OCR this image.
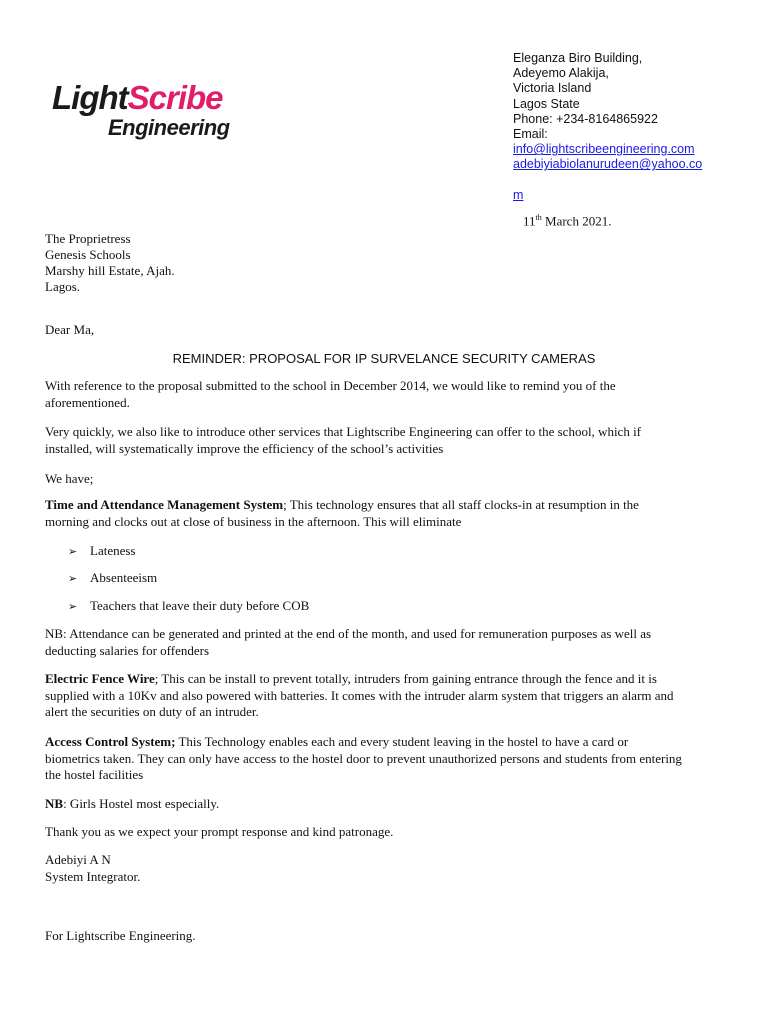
LightScribe
Engineering
Eleganza Biro Building,
Adeyemo Alakija,
Victoria Island
Lagos State
Phone: +234-8164865922
Email:
info@lightscribeengineering.com
adebiyiabiolanurudeen@yahoo.co
m
11th March 2021.
The Proprietress
Genesis Schools
Marshy hill Estate, Ajah.
Lagos.
Dear Ma,
REMINDER: PROPOSAL FOR IP SURVELANCE SECURITY CAMERAS
With reference to the proposal submitted to the school in December 2014, we would like to remind you of the
aforementioned.
Very quickly, we also like to introduce other services that Lightscribe Engineering can offer to the school, which if
installed, will systematically improve the efficiency of the school’s activities
We have;
Time and Attendance Management System; This technology ensures that all staff clocks-in at resumption in the
morning and clocks out at close of business in the afternoon. This will eliminate
➢ Lateness
➢ Absenteeism
➢ Teachers that leave their duty before COB
NB: Attendance can be generated and printed at the end of the month, and used for remuneration purposes as well as
deducting salaries for offenders
Electric Fence Wire; This can be install to prevent totally, intruders from gaining entrance through the fence and it is
supplied with a 10Kv and also powered with batteries. It comes with the intruder alarm system that triggers an alarm and
alert the securities on duty of an intruder.
Access Control System; This Technology enables each and every student leaving in the hostel to have a card or
biometrics taken. They can only have access to the hostel door to prevent unauthorized persons and students from entering
the hostel facilities
NB: Girls Hostel most especially.
Thank you as we expect your prompt response and kind patronage.
Adebiyi A N
System Integrator.
For Lightscribe Engineering.
